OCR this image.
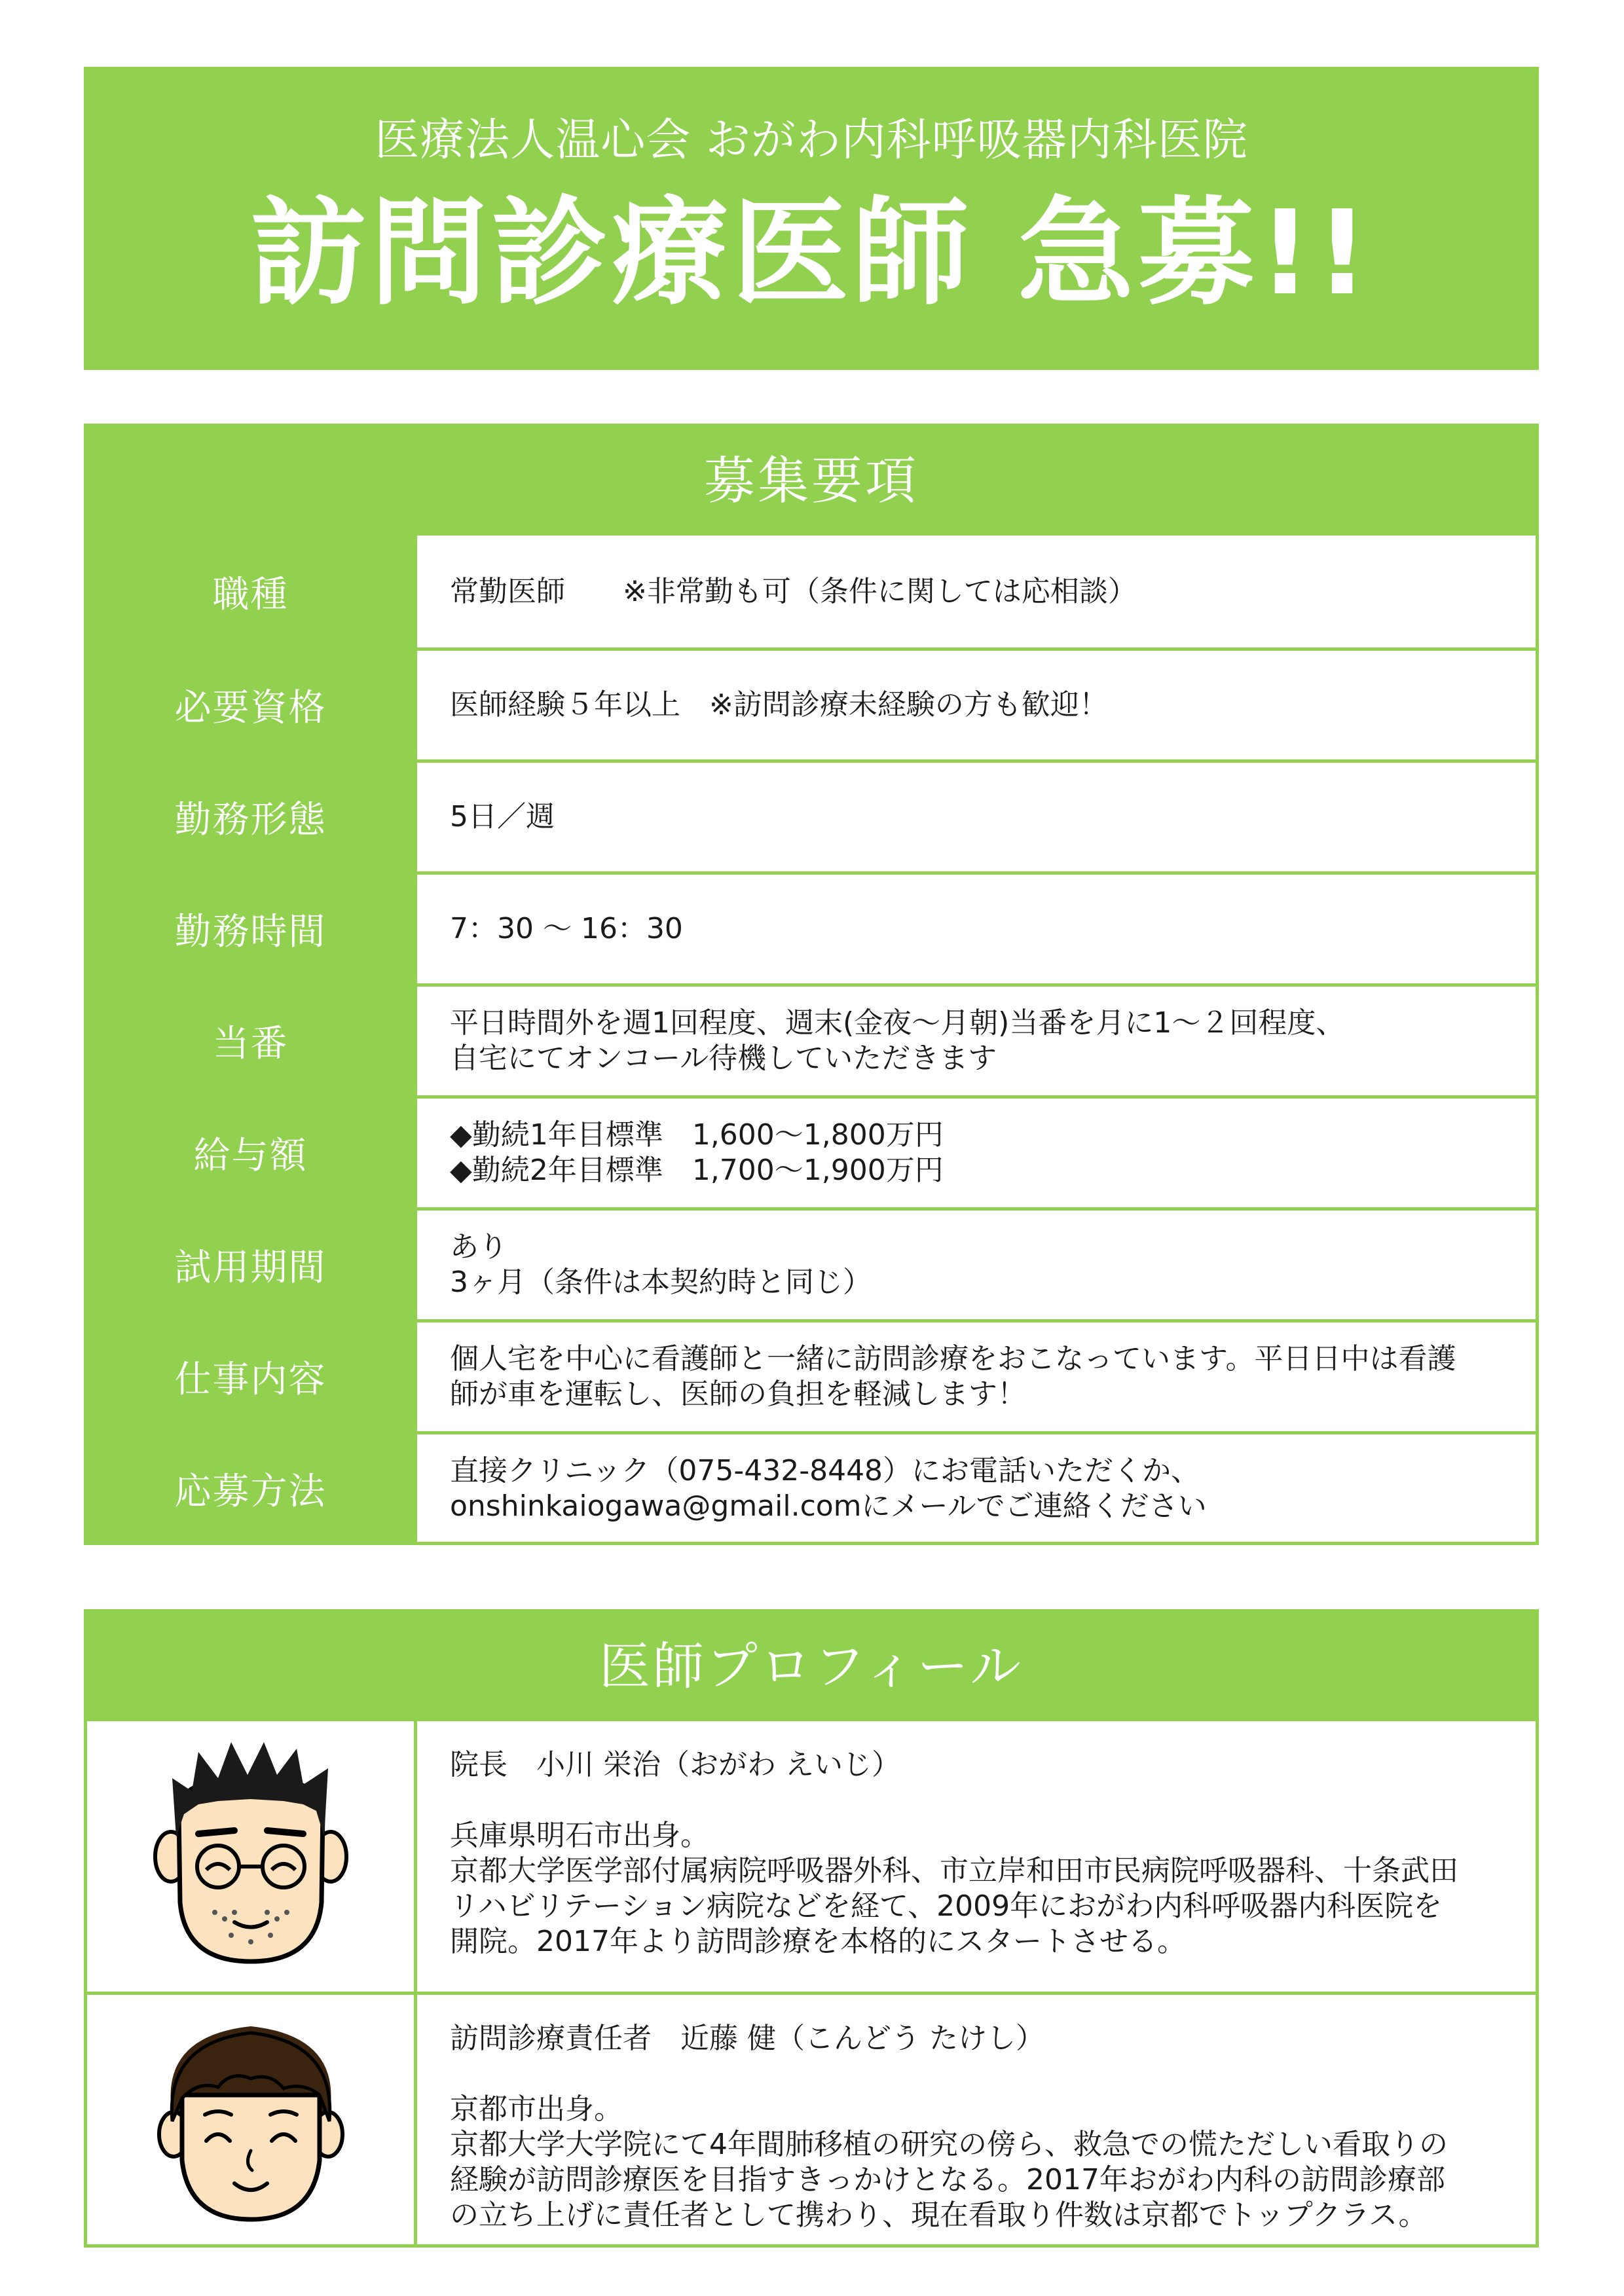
医療法人温心会 おがわ内科呼吸器内科医院
訪問診療医師 急募!!
募集要項
職種	常勤医師　　※非常勤も可（条件に関しては応相談）
必要資格	医師経験５年以上　※訪問診療未経験の方も歓迎！
勤務形態	5日／週
勤務時間	7：30 ～ 16：30
当番	平日時間外を週1回程度、週末(金夜～月朝)当番を月に1～２回程度、
自宅にてオンコール待機していただきます
給与額	◆勤続1年目標準　1,600～1,800万円
◆勤続2年目標準　1,700～1,900万円
試用期間	あり
3ヶ月（条件は本契約時と同じ）
仕事内容	個人宅を中心に看護師と一緒に訪問診療をおこなっています。平日日中は看護
師が車を運転し、医師の負担を軽減します！
応募方法	直接クリニック（075-432-8448）にお電話いただくか、
onshinkaiogawa@gmail.comにメールでご連絡ください
医師プロフィール
院長　小川 栄治（おがわ えいじ）
兵庫県明石市出身。
京都大学医学部付属病院呼吸器外科、市立岸和田市民病院呼吸器科、十条武田
リハビリテーション病院などを経て、2009年におがわ内科呼吸器内科医院を
開院。2017年より訪問診療を本格的にスタートさせる。
訪問診療責任者　近藤 健（こんどう たけし）
京都市出身。
京都大学大学院にて4年間肺移植の研究の傍ら、救急での慌ただしい看取りの
経験が訪問診療医を目指すきっかけとなる。2017年おがわ内科の訪問診療部
の立ち上げに責任者として携わり、現在看取り件数は京都でトップクラス。
